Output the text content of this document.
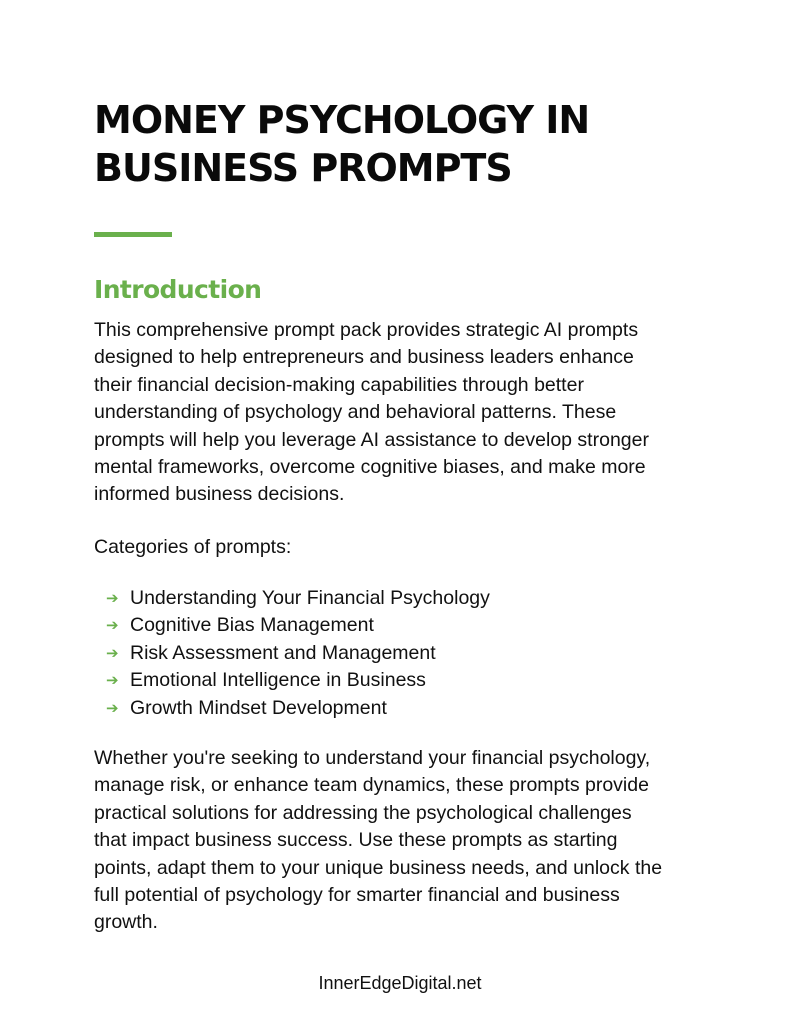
MONEY PSYCHOLOGY IN
BUSINESS PROMPTS
Introduction

This comprehensive prompt pack provides strategic AI prompts
designed to help entrepreneurs and business leaders enhance
their financial decision-making capabilities through better
understanding of psychology and behavioral patterns. These
prompts will help you leverage AI assistance to develop stronger
mental frameworks, overcome cognitive biases, and make more
informed business decisions.

Categories of prompts:

➔ Understanding Your Financial Psychology
➔ Cognitive Bias Management
➔ Risk Assessment and Management
➔ Emotional Intelligence in Business
➔ Growth Mindset Development

Whether you're seeking to understand your financial psychology,
manage risk, or enhance team dynamics, these prompts provide
practical solutions for addressing the psychological challenges
that impact business success. Use these prompts as starting
points, adapt them to your unique business needs, and unlock the
full potential of psychology for smarter financial and business
growth.

InnerEdgeDigital.net
